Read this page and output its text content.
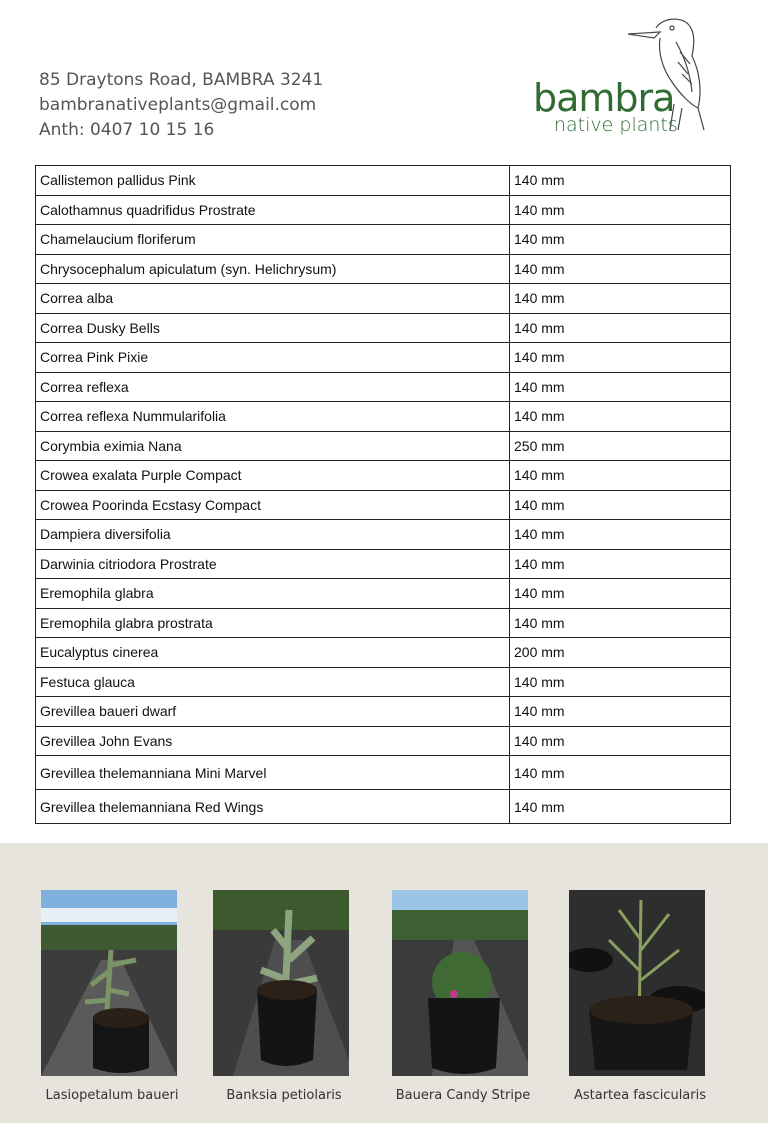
85 Draytons Road, BAMBRA 3241
bambranativeplants@gmail.com
Anth: 0407 10 15 16
bambra
native plants
Callistemon pallidus Pink	140 mm
Calothamnus quadrifidus Prostrate	140 mm
Chamelaucium floriferum	140 mm
Chrysocephalum apiculatum (syn. Helichrysum)	140 mm
Correa alba	140 mm
Correa Dusky Bells	140 mm
Correa Pink Pixie	140 mm
Correa reflexa	140 mm
Correa reflexa Nummularifolia	140 mm
Corymbia eximia Nana	250 mm
Crowea exalata Purple Compact	140 mm
Crowea Poorinda Ecstasy Compact	140 mm
Dampiera diversifolia	140 mm
Darwinia citriodora Prostrate	140 mm
Eremophila glabra	140 mm
Eremophila glabra prostrata	140 mm
Eucalyptus cinerea	200 mm
Festuca glauca	140 mm
Grevillea baueri dwarf	140 mm
Grevillea John Evans	140 mm
Grevillea thelemanniana Mini Marvel	140 mm
Grevillea thelemanniana Red Wings	140 mm
Lasiopetalum baueri	Banksia petiolaris	Bauera Candy Stripe	Astartea fascicularis
